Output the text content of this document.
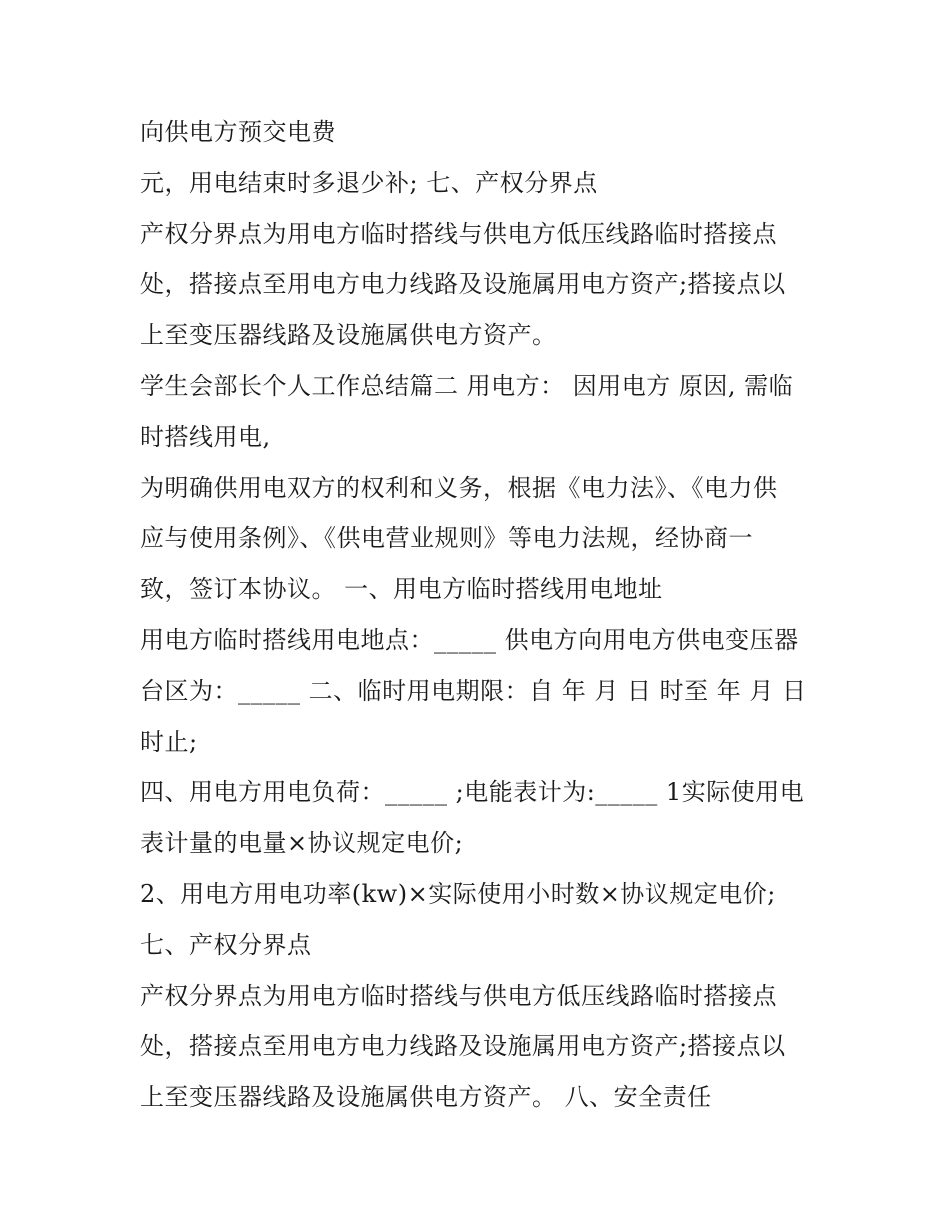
向供电方预交电费
元，用电结束时多退少补; 七、产权分界点
产权分界点为用电方临时搭线与供电方低压线路临时搭接点
处，搭接点至用电方电力线路及设施属用电方资产;搭接点以
上至变压器线路及设施属供电方资产。
学生会部长个人工作总结篇二 用电方： 因用电方 原因, 需临
时搭线用电,
为明确供用电双方的权利和义务，根据《电力法》、《电力供
应与使用条例》、《供电营业规则》等电力法规，经协商一
致，签订本协议。 一、用电方临时搭线用电地址
用电方临时搭线用电地点：_____ 供电方向用电方供电变压器
台区为：_____ 二、临时用电期限：自 年 月 日 时至 年 月 日
时止;
四、用电方用电负荷：_____ ;电能表计为:_____ 1实际使用电
表计量的电量×协议规定电价;
2、用电方用电功率(kw)×实际使用小时数×协议规定电价;
七、产权分界点
产权分界点为用电方临时搭线与供电方低压线路临时搭接点
处，搭接点至用电方电力线路及设施属用电方资产;搭接点以
上至变压器线路及设施属供电方资产。 八、安全责任
